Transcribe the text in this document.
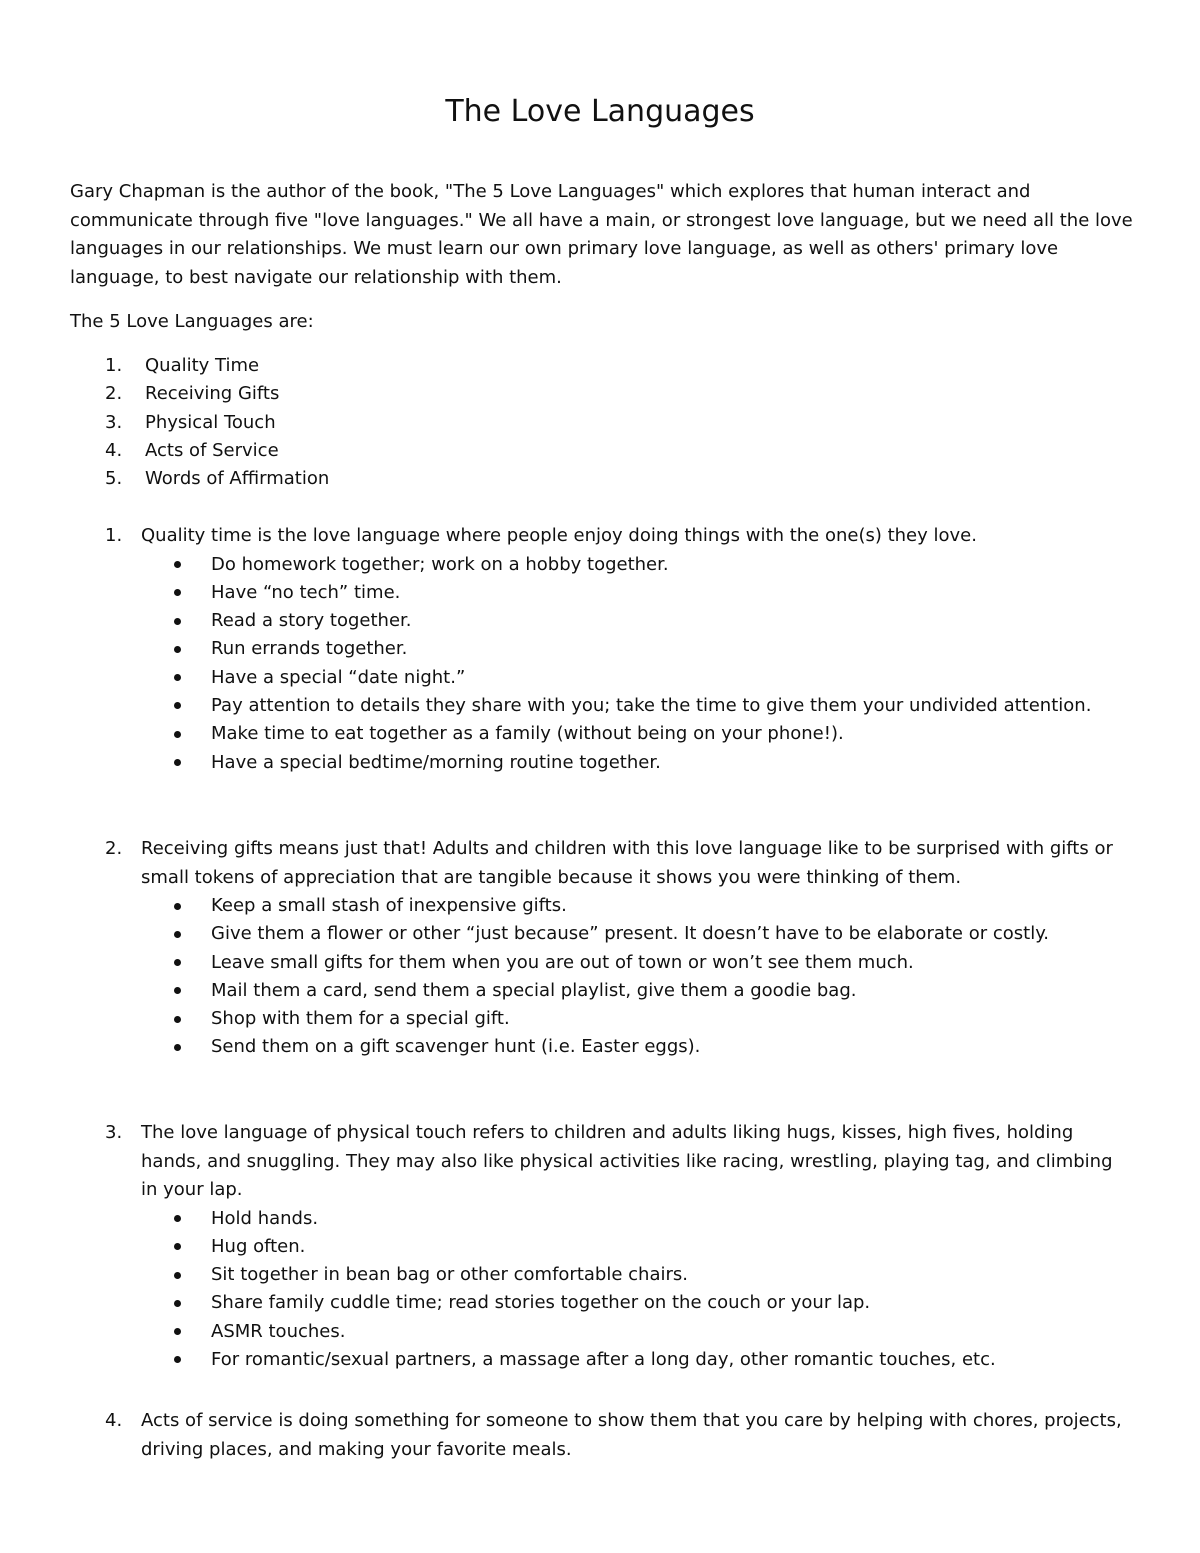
The Love Languages

Gary Chapman is the author of the book, "The 5 Love Languages" which explores that human interact and communicate through five "love languages." We all have a main, or strongest love language, but we need all the love languages in our relationships. We must learn our own primary love language, as well as others' primary love language, to best navigate our relationship with them.

The 5 Love Languages are:

1.	Quality Time
2.	Receiving Gifts
3.	Physical Touch
4.	Acts of Service
5.	Words of Affirmation

1.	Quality time is the love language where people enjoy doing things with the one(s) they love.

Do homework together; work on a hobby together.
Have “no tech” time.
Read a story together.
Run errands together.
Have a special “date night.”
Pay attention to details they share with you; take the time to give them your undivided attention.
Make time to eat together as a family (without being on your phone!).
Have a special bedtime/morning routine together.

2.	Receiving gifts means just that! Adults and children with this love language like to be surprised with gifts or small tokens of appreciation that are tangible because it shows you were thinking of them.

Keep a small stash of inexpensive gifts.
Give them a flower or other “just because” present. It doesn’t have to be elaborate or costly.
Leave small gifts for them when you are out of town or won’t see them much.
Mail them a card, send them a special playlist, give them a goodie bag.
Shop with them for a special gift.
Send them on a gift scavenger hunt (i.e. Easter eggs).

3.	The love language of physical touch refers to children and adults liking hugs, kisses, high fives, holding hands, and snuggling. They may also like physical activities like racing, wrestling, playing tag, and climbing in your lap.

Hold hands.
Hug often.
Sit together in bean bag or other comfortable chairs.
Share family cuddle time; read stories together on the couch or your lap.
ASMR touches.
For romantic/sexual partners, a massage after a long day, other romantic touches, etc.

4.	Acts of service is doing something for someone to show them that you care by helping with chores, projects, driving places, and making your favorite meals.
